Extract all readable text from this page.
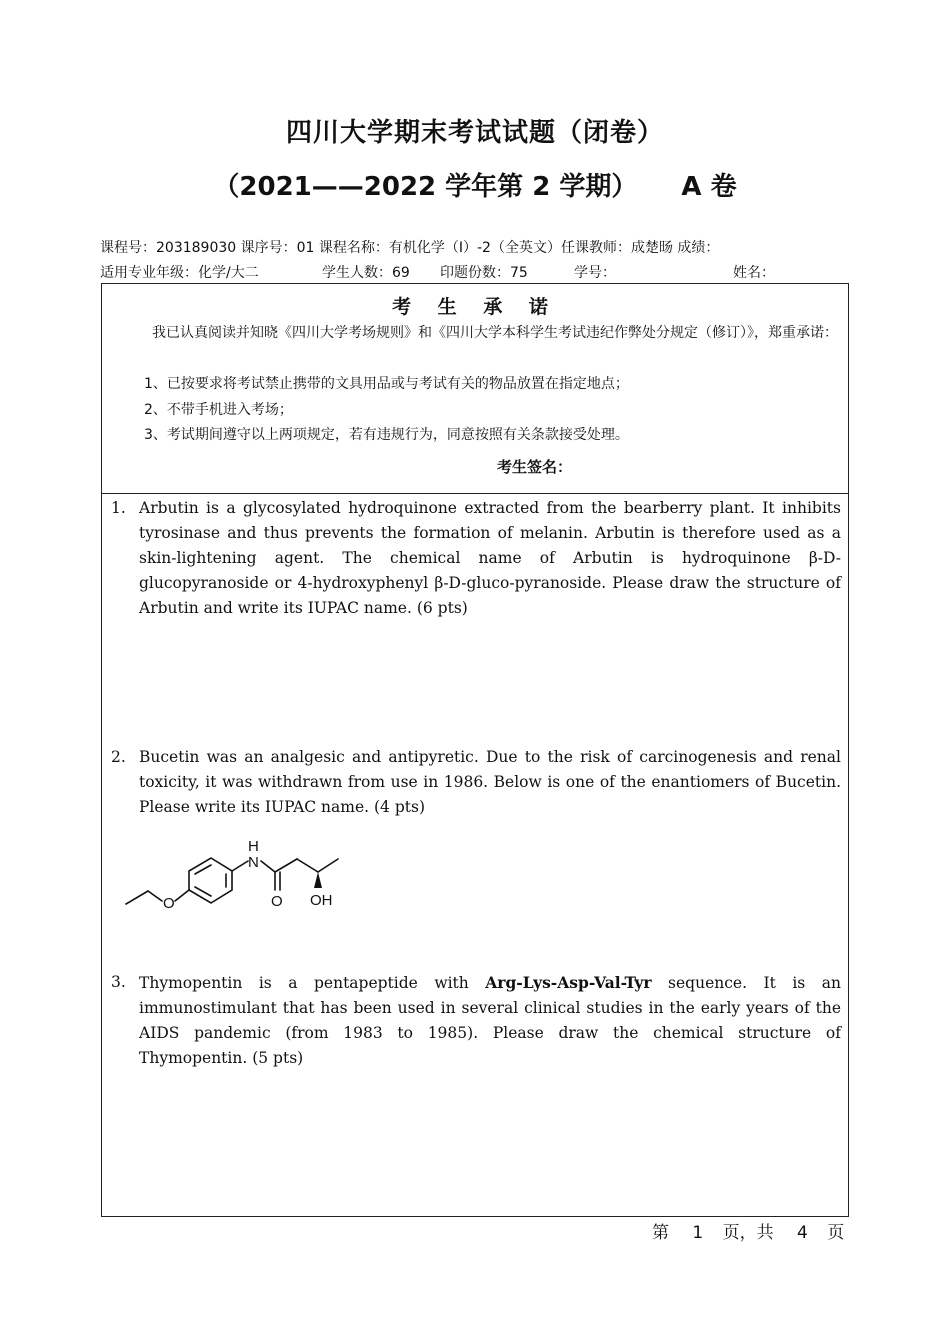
四川大学期末考试试题（闭卷）
（2021——2022 学年第 2 学期） A 卷
课程号：203189030 课序号：01 课程名称：有机化学（Ⅰ）-2（全英文）任课教师：成楚旸 成绩：
适用专业年级：化学/大二	学生人数：69 印题份数：75	学号：	姓名：
考 生 承 诺
我已认真阅读并知晓《四川大学考场规则》和《四川大学本科学生考试违纪作弊处分规定（修订）》，郑重承诺：
1、已按要求将考试禁止携带的文具用品或与考试有关的物品放置在指定地点；
2、不带手机进入考场；
3、考试期间遵守以上两项规定，若有违规行为，同意按照有关条款接受处理。
考生签名：
1. Arbutin is a glycosylated hydroquinone extracted from the bearberry plant. It inhibits tyrosinase and thus prevents the formation of melanin. Arbutin is therefore used as a skin-lightening agent. The chemical name of Arbutin is hydroquinone β-D-glucopyranoside or 4-hydroxyphenyl β-D-gluco-pyranoside. Please draw the structure of Arbutin and write its IUPAC name. (6 pts)
2. Bucetin was an analgesic and antipyretic. Due to the risk of carcinogenesis and renal toxicity, it was withdrawn from use in 1986. Below is one of the enantiomers of Bucetin. Please write its IUPAC name. (4 pts)
H
N
O
O	OH
3. Thymopentin is a pentapeptide with Arg-Lys-Asp-Val-Tyr sequence. It is an immunostimulant that has been used in several clinical studies in the early years of the AIDS pandemic (from 1983 to 1985). Please draw the chemical structure of Thymopentin. (5 pts)
第 1 页，共 4 页
